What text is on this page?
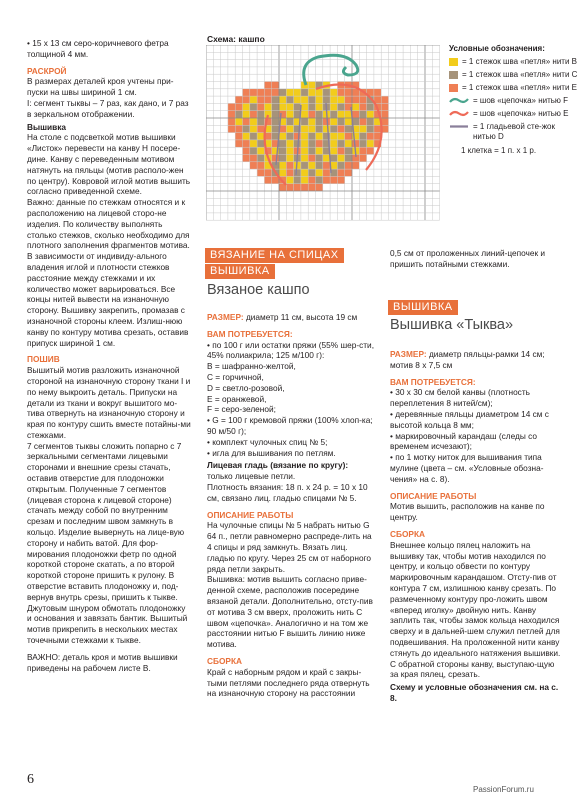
• 15 х 13 см серо-коричневого фетра толщиной 4 мм.
РАСКРОЙ
В размерах деталей кроя учтены при-пуски на швы шириной 1 см.
I: сегмент тыквы – 7 раз, как дано, и 7 раз в зеркальном отображении.
Вышивка
На столе с подсветкой мотив вышивки «Листок» перевести на канву H посере-дине. Канву с переведенным мотивом натянуть на пяльцы (мотив располо-жен по центру). Ковровой иглой мотив вышить согласно приведенной схеме.
Важно: данные по стежкам относятся и к расположению на лицевой сторо-не изделия. По количеству выполнять столько стежков, сколько необходимо для плотного заполнения фрагментов мотива. В зависимости от индивиду-ального владения иглой и плотности стежков расстояние между стежками и их количество может варьироваться. Все концы нитей вывести на изнаночную сторону. Вышивку закрепить, промазав с изнаночной стороны клеем. Излиш-нюю канву по контуру мотива срезать, оставив припуск шириной 1 см.
ПОШИВ
Вышитый мотив разложить изнаночной стороной на изнаночную сторону ткани I и по нему выкроить деталь. Припуски на детали из ткани и вокруг вышитого мо-тива отвернуть на изнаночную сторону и края по контуру сшить вместе потайны-ми стежками.
7 сегментов тыквы сложить попарно с 7 зеркальными сегментами лицевыми сторонами и внешние срезы стачать, оставив отверстие для плодоножки открытым. Полученные 7 сегментов (лицевая сторона к лицевой стороне) стачать между собой по внутренним срезам и последним швом замкнуть в кольцо. Изделие вывернуть на лице-вую сторону и набить ватой. Для фор-мирования плодоножки фетр по одной короткой стороне скатать, а по второй короткой стороне пришить к рулону. В отверстие вставить плодоножку и, под-вернув внутрь срезы, пришить к тыкве. Джутовым шнуром обмотать плодоножку и основания и завязать бантик. Вышитый мотив прикрепить в нескольких местах точечными стежками к тыкве.
ВАЖНО: деталь кроя и мотив вышивки приведены на рабочем листе B.
Схема: кашпо
Условные обозначения:
= 1 стежок шва «петля» нити B
= 1 стежок шва «петля» нити C
= 1 стежок шва «петля» нити E
= шов «цепочка» нитью F
= шов «цепочка» нитью E
= 1 гладьевой сте-жок нитью D
1 клетка = 1 п. х 1 р.
ВЯЗАНИЕ НА СПИЦАХ
ВЫШИВКА
Вязаное кашпо
РАЗМЕР: диаметр 11 см, высота 19 см
ВАМ ПОТРЕБУЕТСЯ:
• по 100 г или остатки пряжи (55% шер-сти, 45% полиакрила; 125 м/100 г):
B = шафранно-желтой,
C = горчичной,
D = светло-розовой,
E = оранжевой,
F = серо-зеленой;
• G = 100 г кремовой пряжи (100% хлоп-ка; 90 м/50 г);
• комплект чулочных спиц № 5;
• игла для вышивания по петлям.
Лицевая гладь (вязание по кругу):
только лицевые петли.
Плотность вязания: 18 п. х 24 р. = 10 х 10 см, связано лиц. гладью спицами № 5.
ОПИСАНИЕ РАБОТЫ
На чулочные спицы № 5 набрать нитью G 64 п., петли равномерно распреде-лить на 4 спицы и ряд замкнуть. Вязать лиц. гладью по кругу. Через 25 см от наборного ряда петли закрыть.
Вышивка: мотив вышить согласно приве-денной схеме, расположив посередине вязаной детали. Дополнительно, отсту-пив от мотива 3 см вверх, проложить нить C швом «цепочка». Аналогично и на том же расстоянии нитью F вышить линию ниже мотива.
СБОРКА
Край с наборным рядом и край с закры-тыми петлями последнего ряда отвернуть на изнаночную сторону на расстоянии
0,5 см от проложенных линий-цепочек и пришить потайными стежками.
ВЫШИВКА
Вышивка «Тыква»
РАЗМЕР: диаметр пяльцы-рамки 14 см; мотив 8 х 7,5 см
ВАМ ПОТРЕБУЕТСЯ:
• 30 х 30 см белой канвы (плотность переплетения 8 нитей/см);
• деревянные пяльцы диаметром 14 см с высотой кольца 8 мм;
• маркировочный карандаш (следы со временем исчезают);
• по 1 мотку ниток для вышивания типа мулине (цвета – см. «Условные обозна-чения» на с. 8).
ОПИСАНИЕ РАБОТЫ
Мотив вышить, расположив на канве по центру.
СБОРКА
Внешнее кольцо пялец наложить на вышивку так, чтобы мотив находился по центру, и кольцо обвести по контуру маркировочным карандашом. Отсту-пив от контура 7 см, излишнюю канву срезать. По размеченному контуру про-ложить швом «вперед иголку» двойную нить. Канву заплить так, чтобы замок кольца находился сверху и в дальней-шем служил петлей для подвешивания. На проложенной нити канву стянуть до идеального натяжения вышивки. С обратной стороны канву, выступаю-щую за края пялец, срезать.
Схему и условные обозначения см. на с. 8.
6
PassionForum.ru
